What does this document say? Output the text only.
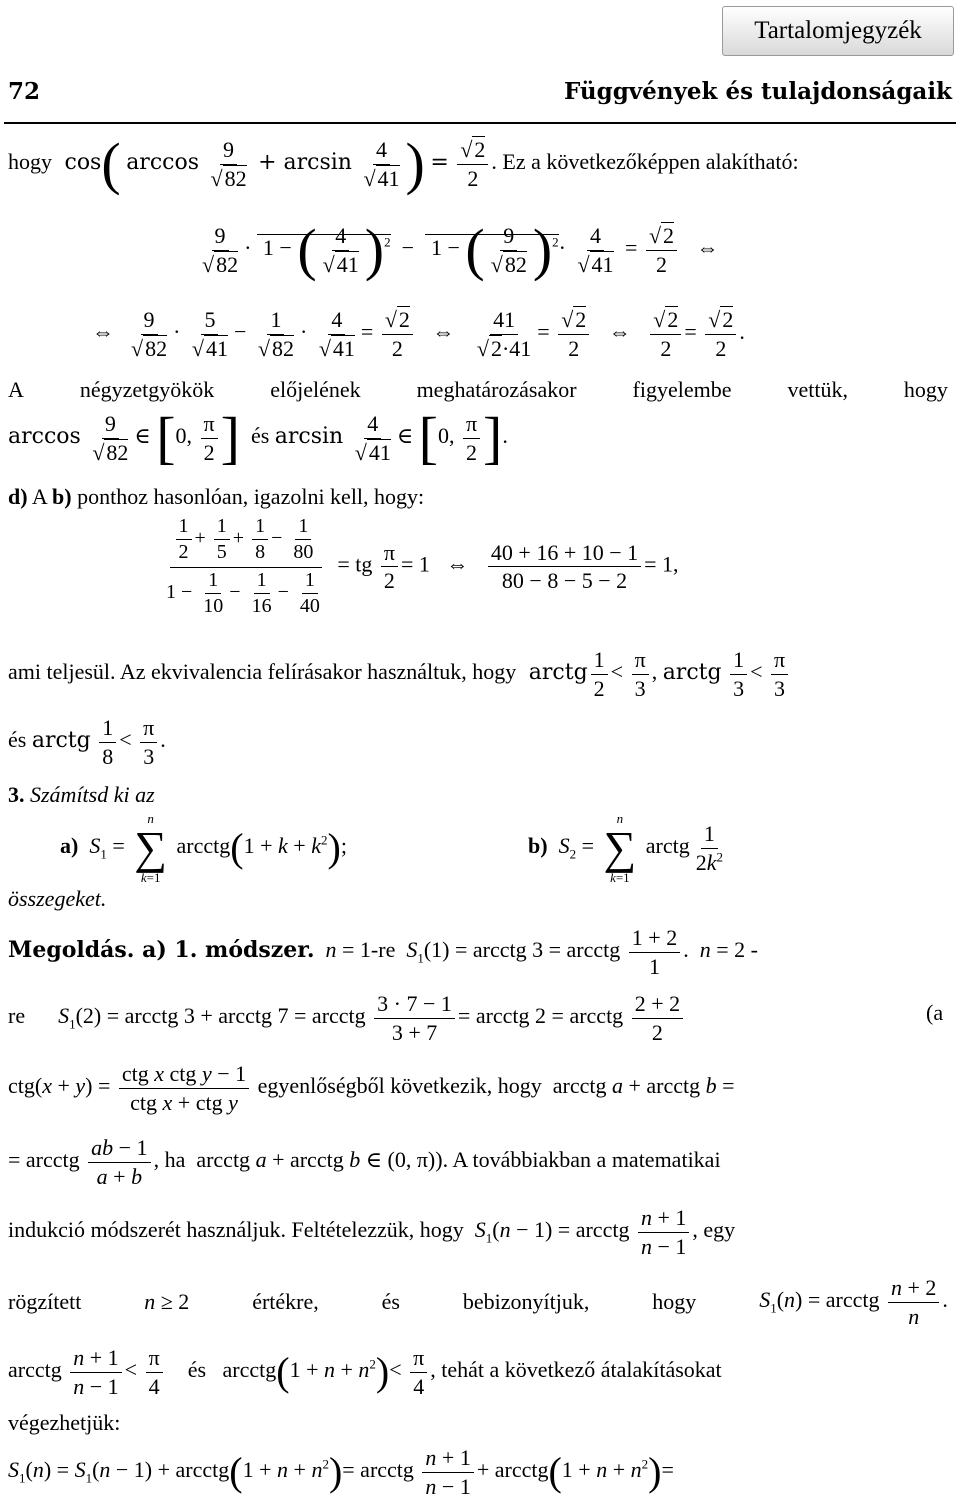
Tartalomjegyzék
72	Függvények és tulajdonságaik
hogy  cos( $\arccos \frac{9}{√82} + \arcsin \frac{4}{√41}$ ) = $\frac{√2}{2}$ . Ez a következőképpen alakítható:
$\frac{9}{√82} \cdot 1$ − ( $\frac{4}{√41} )^2 - 1$ − ( $\frac{9}{√82} )^2\cdot \frac{4}{√41} = \frac{√2}{2}$ ⇔
⇔ $\frac{9}{√82} \cdot \frac{5}{√41} - \frac{1}{√82} \cdot \frac{4}{√41} = \frac{√2}{2}$ ⇔ $\frac{41}{√2\cdot 41} = \frac{√2}{2}$ ⇔ $\frac{√2}{2} = \frac{√2}{2}$ .
A	négyzetgyökök	előjelének	meghatározásakor	figyelembe	vettük,	hogy
$\arccos \frac{9}{√82}$ ∈ [0, $\frac{\pi}{2}$ ] és $\arcsin \frac{4}{√41}$ ∈ [0, $\frac{\pi}{2}$ ].
d) A b) ponthoz hasonlóan, igazolni kell, hogy:
$\frac{\frac{1}{2} + \frac{1}{5} + \frac{1}{8} - \frac{1}{80}}{1 - \frac{1}{10} - \frac{1}{16} - \frac{1}{40}}$ = tg $\frac{\pi}{2} = 1$   ⇔ $\frac{40 + 16 + 10 - 1}{80 - 8 - 5 - 2} = 1$,
ami teljesül. Az ekvivalencia felírásakor használtuk, hogy  arctg $\frac{1}{2} < \frac{\pi}{3}$ , arctg $\frac{1}{3} < \frac{\pi}{3}$
és arctg $\frac{1}{8} < \frac{\pi}{3}$ .
3. Számítsd ki az
a) $S_1$ =
n
∑
k=1
arcctg(1 + $k + k^2$);	b) $S_2$ =
n
∑
k=1
arctg $\frac{1}{2k^2}$
összegeket.
Megoldás. a) 1. módszer. n = 1-re $S_1(1)$ = arcctg 3 = arcctg $\frac{1 + 2}{1}$ .  n = 2 -
re $S_1(2)$ = arcctg 3 + arcctg 7 = arcctg $\frac{3 \cdot 7 - 1}{3 + 7}$ = arcctg 2 = arcctg $\frac{2 + 2}{2}$	(a
ctg(x + y) = ctg x ctg y − 1
ctg x + ctg y
egyenlőségből következik, hogy  arcctg a + arcctg b =
= arcctg $\frac{ab - 1}{a + b}$ , ha  arcctg a + arcctg b ∈ (0, π)). A továbbiakban a matematikai
indukció módszerét használjuk. Feltételezzük, hogy $S_1(n - 1)$ = arcctg $\frac{n + 1}{n - 1}$ , egy
rögzített	n ≥ 2	értékre,	és	bebizonyítjuk,	hogy	$S_1(n)$ = arcctg $\frac{n + 2}{n}$ .
arcctg $\frac{n + 1}{n - 1} < \frac{\pi}{4}$ és   arcctg(1 + $n + n^2)< \frac{\pi}{4}$ , tehát a következő átalakításokat
végezhetjük:
$S_1(n) = S_1(n - 1)$ + arcctg(1 + $n + n^2)=$ arcctg $\frac{n + 1}{n - 1}$ + arcctg(1 + $n + n^2)=$
